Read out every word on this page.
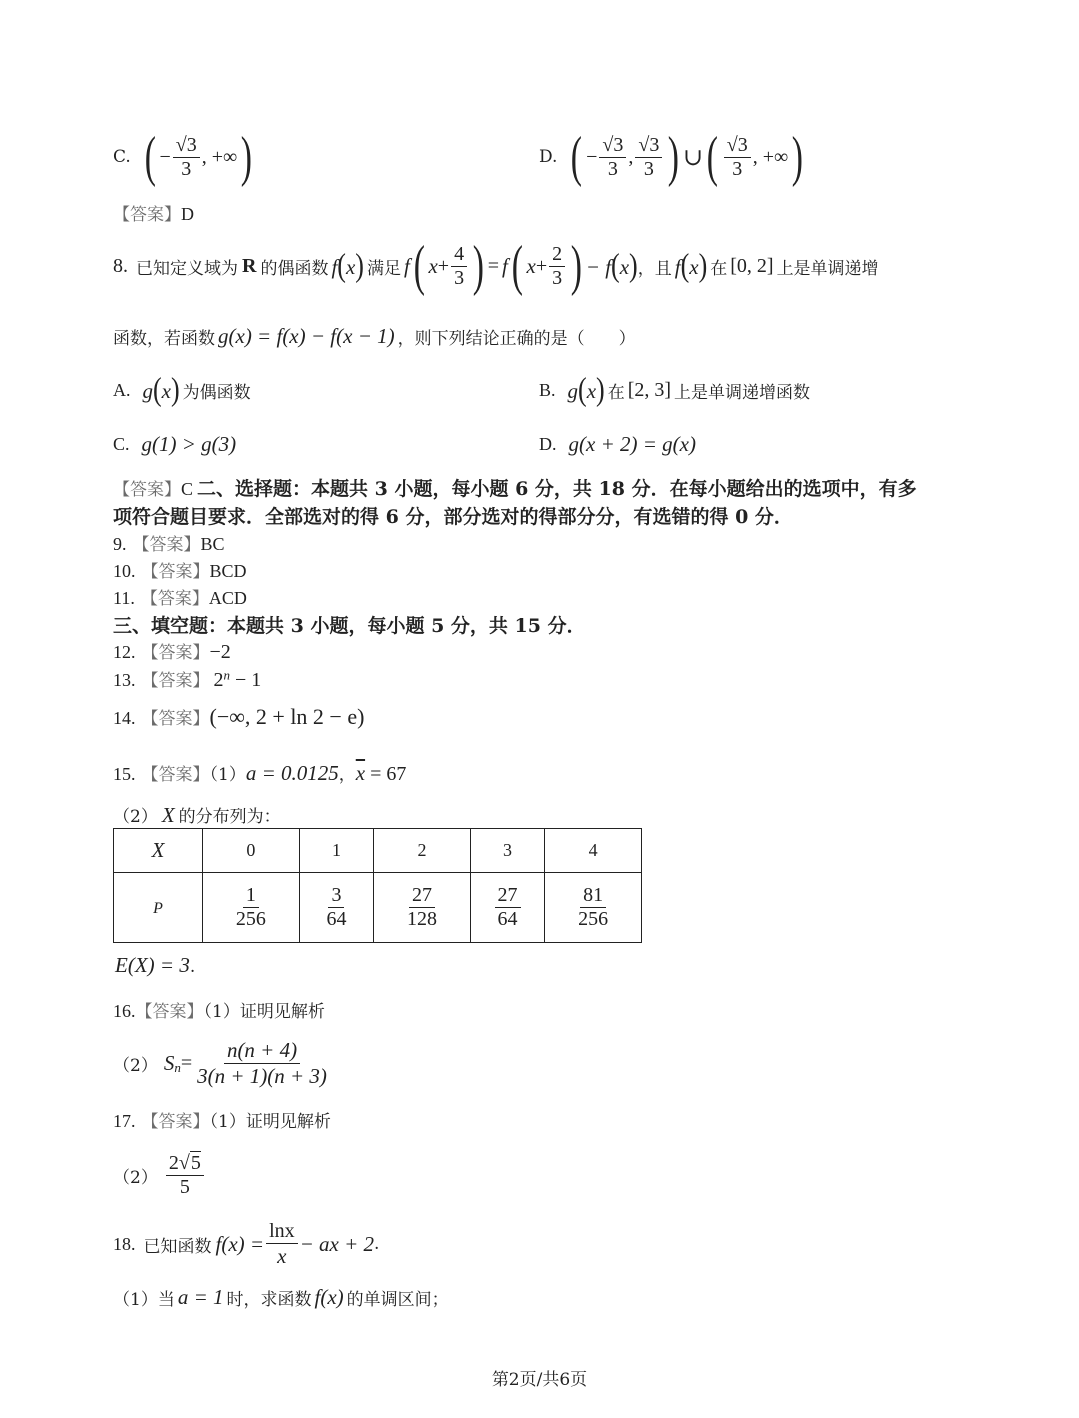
C. ( − $\frac{√3}{3}$ , +∞ )	D. ( − $\frac{√3}{3}$ , $\frac{√3}{3}$ ) ∪ ( $\frac{√3}{3}$ , +∞ )
【答案】D
8. 已知定义域为 R 的偶函数 f(x) 满足 f ( $x + \frac{4}{3}$ ) = f ( $x + \frac{2}{3}$ ) − f(x) ，且 f(x) 在 [0, 2] 上是单调递增
函数，若函数 g(x) = f(x) − f(x − 1) ，则下列结论正确的是（　　）
A. g(x) 为偶函数	B. g(x) 在 [2, 3] 上是单调递增函数
C. g(1) > g(3)	D. g(x + 2) = g(x)
【答案】C 二、选择题：本题共 3 小题，每小题 6 分，共 18 分．在每小题给出的选项中，有多
项符合题目要求．全部选对的得 6 分，部分选对的得部分分，有选错的得 0 分．
9. 【答案】BC
10. 【答案】BCD
11. 【答案】ACD
三、填空题：本题共 3 小题，每小题 5 分，共 15 分．
12. 【答案】−2
13. 【答案】 $2^n - 1$
14. 【答案】(−∞, 2 + ln 2 − e)
15. 【答案】（1）a = 0.0125，$\overline{x} = 67$
（2） X 的分布列为：
X	0	1	2	3	4
P	$\frac{1}{256}$	$\frac{3}{64}$	$\frac{27}{128}$	$\frac{27}{64}$	$\frac{81}{256}$
E(X) = 3.
16.【答案】（1）证明见解析
（2） $S_n = \frac{n(n + 4)}{3(n + 1)(n + 3)}$
17. 【答案】（1）证明见解析
$(2) \frac{2√5}{5}$
18. 已知函数 $f(x) = \frac{\ln x}{x}$ − ax + 2 .
（1）当 a = 1 时，求函数 f(x) 的单调区间；
第2页/共6页
